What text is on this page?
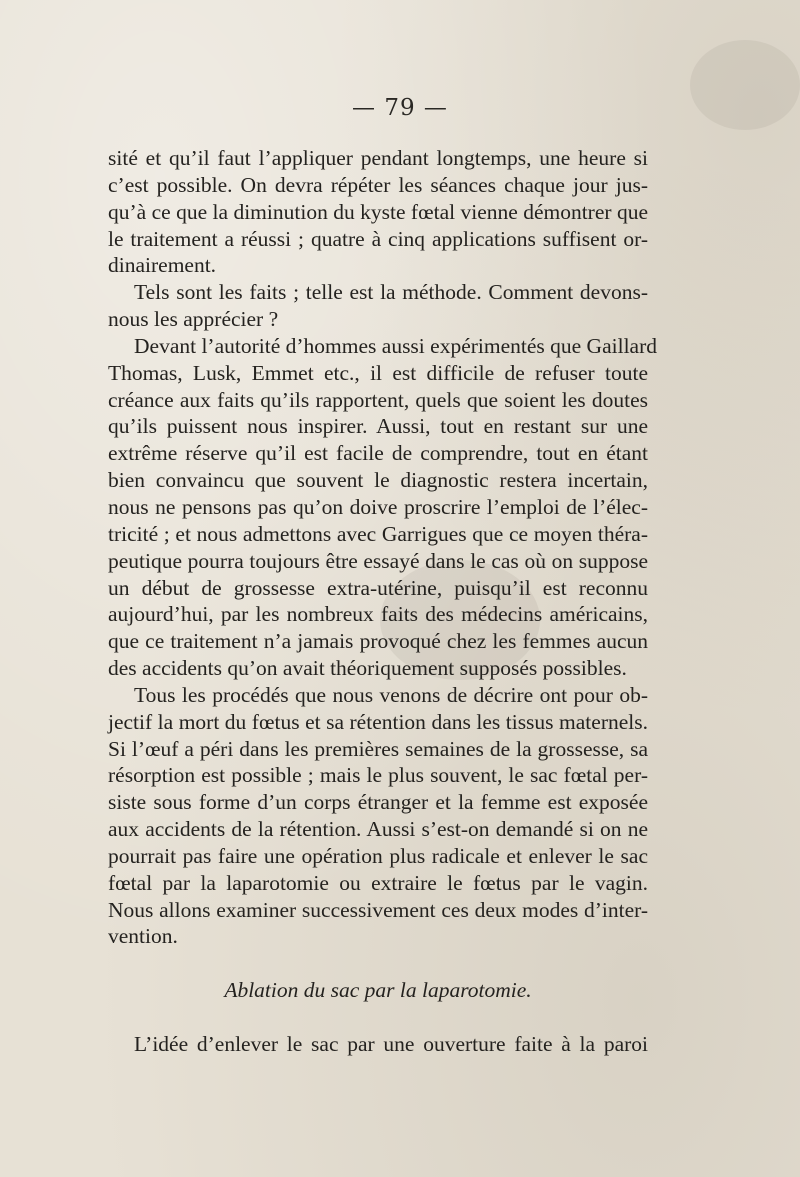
— 79 —
sité et qu’il faut l’appliquer pendant longtemps, une heure si
c’est possible. On devra répéter les séances chaque jour jus-
qu’à ce que la diminution du kyste fœtal vienne démontrer que
le traitement a réussi ; quatre à cinq applications suffisent or-
dinairement.
Tels sont les faits ; telle est la méthode. Comment devons-
nous les apprécier ?
Devant l’autorité d’hommes aussi expérimentés que Gaillard
Thomas, Lusk, Emmet etc., il est difficile de refuser toute
créance aux faits qu’ils rapportent, quels que soient les doutes
qu’ils puissent nous inspirer. Aussi, tout en restant sur une
extrême réserve qu’il est facile de comprendre, tout en étant
bien convaincu que souvent le diagnostic restera incertain,
nous ne pensons pas qu’on doive proscrire l’emploi de l’élec-
tricité ; et nous admettons avec Garrigues que ce moyen théra-
peutique pourra toujours être essayé dans le cas où on suppose
un début de grossesse extra-utérine, puisqu’il est reconnu
aujourd’hui, par les nombreux faits des médecins américains,
que ce traitement n’a jamais provoqué chez les femmes aucun
des accidents qu’on avait théoriquement supposés possibles.
Tous les procédés que nous venons de décrire ont pour ob-
jectif la mort du fœtus et sa rétention dans les tissus maternels.
Si l’œuf a péri dans les premières semaines de la grossesse, sa
résorption est possible ; mais le plus souvent, le sac fœtal per-
siste sous forme d’un corps étranger et la femme est exposée
aux accidents de la rétention. Aussi s’est-on demandé si on ne
pourrait pas faire une opération plus radicale et enlever le sac
fœtal par la laparotomie ou extraire le fœtus par le vagin.
Nous allons examiner successivement ces deux modes d’inter-
vention.
Ablation du sac par la laparotomie.
L’idée d’enlever le sac par une ouverture faite à la paroi
